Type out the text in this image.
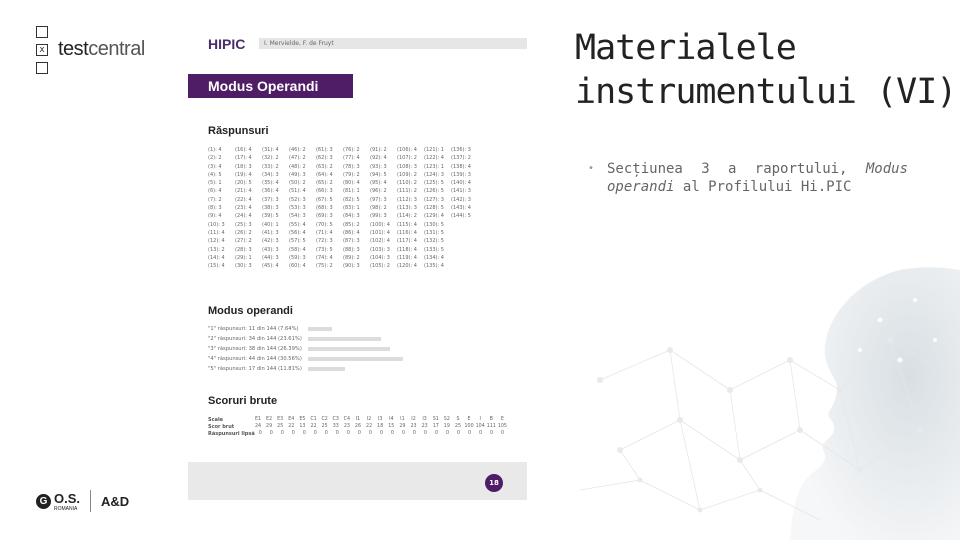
x testcentral
G O.S.
ROMANIA A&D
HIPIC	I. Mervielde, F. de Fruyt
Modus Operandi
Răspunsuri
(1): 4	(16): 4	(31): 4	(46): 2	(61): 3	(76): 2	(91): 2	(106): 4	(121): 1	(136): 3
(2): 2	(17): 4	(32): 2	(47): 2	(62): 3	(77): 4	(92): 4	(107): 2	(122): 4	(137): 2
(3): 4	(18): 3	(33): 2	(48): 2	(63): 2	(78): 3	(93): 3	(108): 3	(123): 1	(138): 4
(4): 5	(19): 4	(34): 3	(49): 3	(64): 4	(79): 2	(94): 5	(109): 2	(124): 3	(139): 3
(5): 1	(20): 5	(35): 4	(50): 2	(65): 2	(80): 4	(95): 4	(110): 2	(125): 5	(140): 4
(6): 4	(21): 4	(36): 4	(51): 4	(66): 3	(81): 1	(96): 2	(111): 2	(126): 5	(141): 3
(7): 2	(22): 4	(37): 3	(52): 3	(67): 5	(82): 5	(97): 3	(112): 3	(127): 3	(142): 3
(8): 3	(23): 4	(38): 3	(53): 3	(68): 3	(83): 1	(98): 2	(113): 3	(128): 5	(143): 4
(9): 4	(24): 4	(39): 5	(54): 3	(69): 3	(84): 3	(99): 3	(114): 2	(129): 4	(144): 5
(10): 3	(25): 3	(40): 1	(55): 4	(70): 5	(85): 2	(100): 4	(115): 4	(130): 5
(11): 4	(26): 2	(41): 3	(56): 4	(71): 4	(86): 4	(101): 4	(116): 4	(131): 5
(12): 4	(27): 2	(42): 3	(57): 5	(72): 3	(87): 3	(102): 4	(117): 4	(132): 5
(13): 2	(28): 3	(43): 3	(58): 4	(73): 5	(88): 3	(103): 3	(118): 4	(133): 5
(14): 4	(29): 1	(44): 3	(59): 3	(74): 4	(89): 2	(104): 3	(119): 4	(134): 4
(15): 4	(30): 3	(45): 4	(60): 4	(75): 2	(90): 3	(105): 2	(120): 4	(135): 4
Modus operandi
"1" răspunsuri: 11 din 144 (7.64%)
"2" răspunsuri: 34 din 144 (23.61%)
"3" răspunsuri: 38 din 144 (26.39%)
"4" răspunsuri: 44 din 144 (30.56%)
"5" răspunsuri: 17 din 144 (11.81%)
Scoruri brute
Scale	E1	E2	E3	E4	E5	C1 C2 C3 C4	I1	I2	I3	I4	I1	I2	I3	S1	S2	S	E	I	B	E
Scor brut	24	29	25	22	13	22	25	33	23	26	22	18	15	29	23	23	17	19	25 100 104 111 105
Răspunsuri lipsă 0	0	0	0	0	0	0	0	0	0	0	0	0	0	0	0	0	0	0	0	0	0	0
18
Materialele
instrumentului (VI)
• Secțiunea 3 a raportului, Modus operandi al Profilului Hi.PIC
